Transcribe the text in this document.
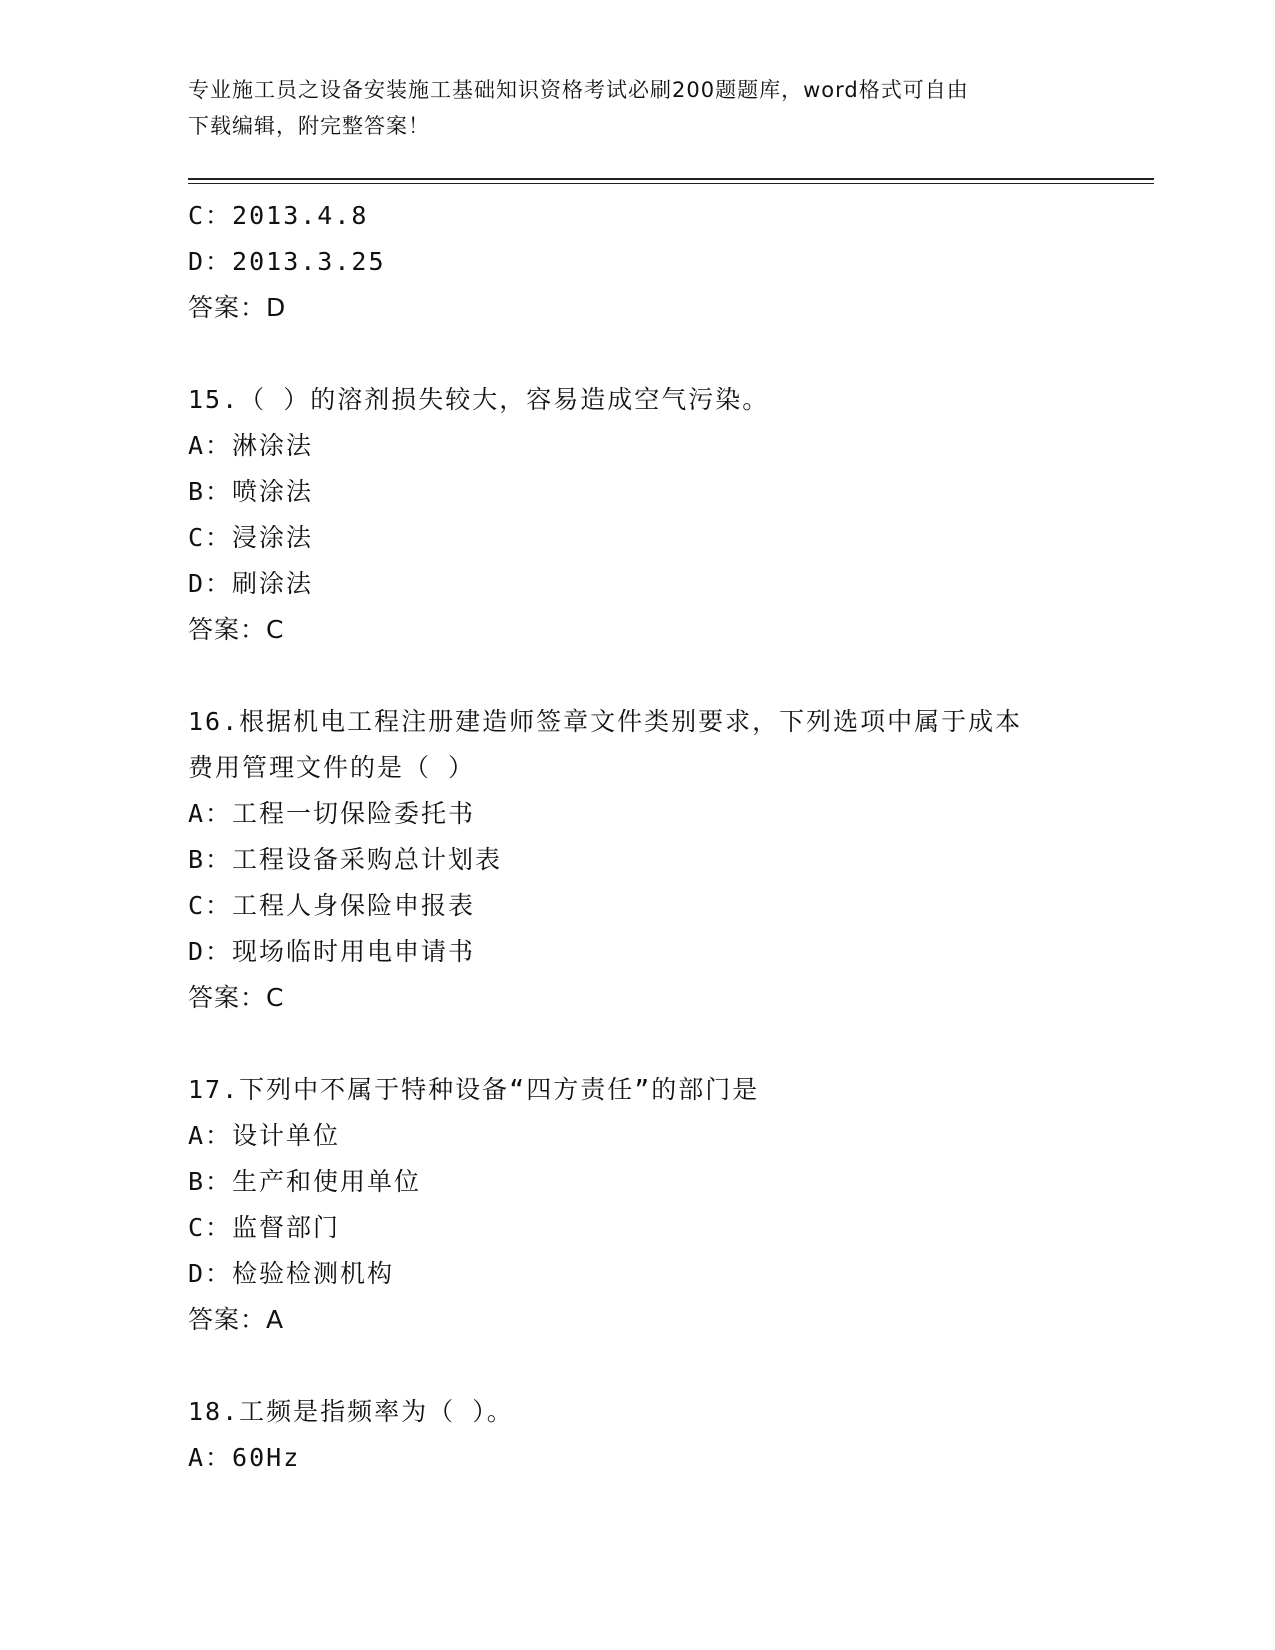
专业施工员之设备安装施工基础知识资格考试必刷200题题库，word格式可自由
下载编辑，附完整答案！
C：2013.4.8
D：2013.3.25
答案：D
15.（ ）的溶剂损失较大，容易造成空气污染。
A：淋涂法
B：喷涂法
C：浸涂法
D：刷涂法
答案：C
16.根据机电工程注册建造师签章文件类别要求，下列选项中属于成本
费用管理文件的是（ ）
A：工程一切保险委托书
B：工程设备采购总计划表
C：工程人身保险申报表
D：现场临时用电申请书
答案：C
17.下列中不属于特种设备“四方责任”的部门是
A：设计单位
B：生产和使用单位
C：监督部门
D：检验检测机构
答案：A
18.工频是指频率为（ ）。
A：60Hz
